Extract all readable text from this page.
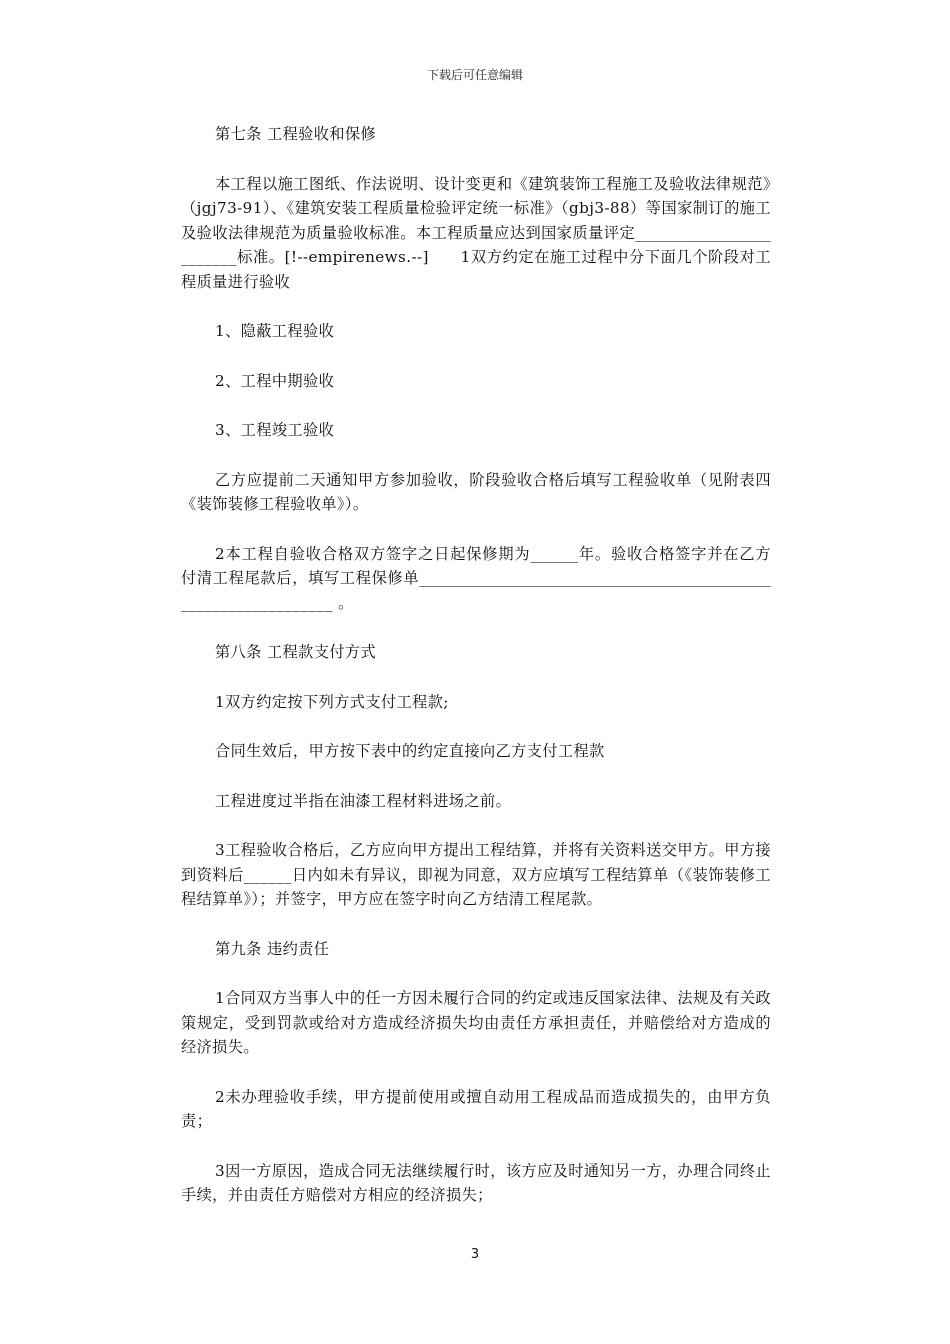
下载后可任意编辑

第七条 工程验收和保修

本工程以施工图纸、作法说明、设计变更和《建筑装饰工程施工及验收法律规范》（jgj73-91）、《建筑安装工程质量检验评定统一标准》（gbj3-88）等国家制订的施工及验收法律规范为质量验收标准。本工程质量应达到国家质量评定________________________标准。[!--empirenews.--]　　1双方约定在施工过程中分下面几个阶段对工程质量进行验收

1、隐蔽工程验收

2、工程中期验收

3、工程竣工验收

乙方应提前二天通知甲方参加验收，阶段验收合格后填写工程验收单（见附表四《装饰装修工程验收单》）。

2本工程自验收合格双方签字之日起保修期为______年。验收合格签字并在乙方付清工程尾款后，填写工程保修单_______________________________________________________________ 。

第八条 工程款支付方式

1双方约定按下列方式支付工程款;

合同生效后，甲方按下表中的约定直接向乙方支付工程款

工程进度过半指在油漆工程材料进场之前。

3工程验收合格后，乙方应向甲方提出工程结算，并将有关资料送交甲方。甲方接到资料后______日内如未有异议，即视为同意，双方应填写工程结算单（《装饰装修工程结算单》）；并签字，甲方应在签字时向乙方结清工程尾款。

第九条 违约责任

1合同双方当事人中的任一方因未履行合同的约定或违反国家法律、法规及有关政策规定，受到罚款或给对方造成经济损失均由责任方承担责任，并赔偿给对方造成的经济损失。

2未办理验收手续，甲方提前使用或擅自动用工程成品而造成损失的，由甲方负责；

3因一方原因，造成合同无法继续履行时，该方应及时通知另一方，办理合同终止手续，并由责任方赔偿对方相应的经济损失；

3
